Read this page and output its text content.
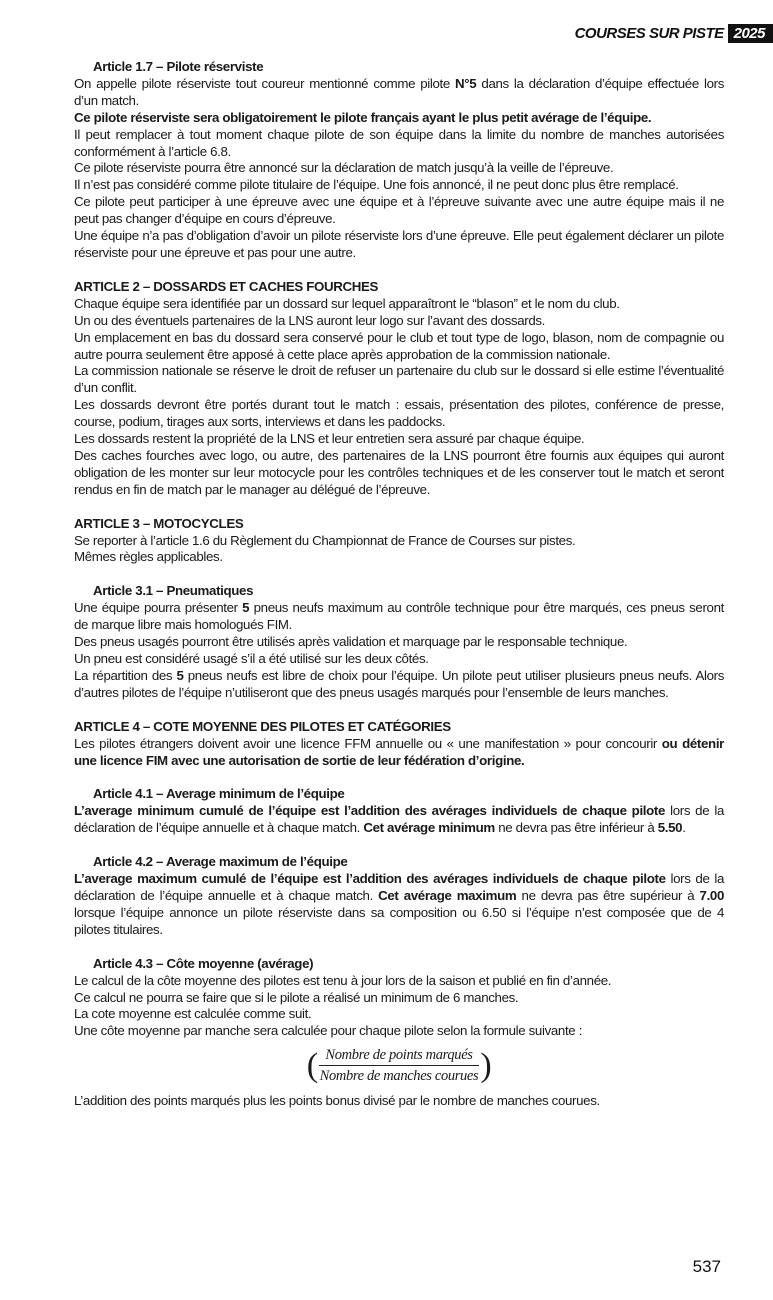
COURSES SUR PISTE 2025

Article 1.7 – Pilote réserviste

On appelle pilote réserviste tout coureur mentionné comme pilote N°5 dans la déclaration d’équipe effectuée lors d’un match.

Ce pilote réserviste sera obligatoirement le pilote français ayant le plus petit avérage de l’équipe.

Il peut remplacer à tout moment chaque pilote de son équipe dans la limite du nombre de manches autorisées conformément à l’article 6.8.

Ce pilote réserviste pourra être annoncé sur la déclaration de match jusqu’à la veille de l’épreuve.

Il n’est pas considéré comme pilote titulaire de l’équipe. Une fois annoncé, il ne peut donc plus être remplacé.

Ce pilote peut participer à une épreuve avec une équipe et à l’épreuve suivante avec une autre équipe mais il ne peut pas changer d’équipe en cours d’épreuve.

Une équipe n’a pas d’obligation d’avoir un pilote réserviste lors d’une épreuve. Elle peut également déclarer un pilote réserviste pour une épreuve et pas pour une autre.

ARTICLE 2 – DOSSARDS ET CACHES FOURCHES

Chaque équipe sera identifiée par un dossard sur lequel apparaîtront le “blason” et le nom du club.

Un ou des éventuels partenaires de la LNS auront leur logo sur l’avant des dossards.

Un emplacement en bas du dossard sera conservé pour le club et tout type de logo, blason, nom de compagnie ou autre pourra seulement être apposé à cette place après approbation de la commission nationale.

La commission nationale se réserve le droit de refuser un partenaire du club sur le dossard si elle estime l’éventualité d’un conflit.

Les dossards devront être portés durant tout le match : essais, présentation des pilotes, conférence de presse, course, podium, tirages aux sorts, interviews et dans les paddocks.

Les dossards restent la propriété de la LNS et leur entretien sera assuré par chaque équipe.

Des caches fourches avec logo, ou autre, des partenaires de la LNS pourront être fournis aux équipes qui auront obligation de les monter sur leur motocycle pour les contrôles techniques et de les conserver tout le match et seront rendus en fin de match par le manager au délégué de l’épreuve.

ARTICLE 3 – MOTOCYCLES

Se reporter à l’article 1.6 du Règlement du Championnat de France de Courses sur pistes.

Mêmes règles applicables.

Article 3.1 – Pneumatiques

Une équipe pourra présenter 5 pneus neufs maximum au contrôle technique pour être marqués, ces pneus seront de marque libre mais homologués FIM.

Des pneus usagés pourront être utilisés après validation et marquage par le responsable technique.

Un pneu est considéré usagé s’il a été utilisé sur les deux côtés.

La répartition des 5 pneus neufs est libre de choix pour l’équipe. Un pilote peut utiliser plusieurs pneus neufs. Alors d’autres pilotes de l’équipe n’utiliseront que des pneus usagés marqués pour l’ensemble de leurs manches.

ARTICLE 4 – COTE MOYENNE DES PILOTES ET CATÉGORIES

Les pilotes étrangers doivent avoir une licence FFM annuelle ou « une manifestation » pour concourir ou détenir une licence FIM avec une autorisation de sortie de leur fédération d’origine.

Article 4.1 – Average minimum de l’équipe

L’average minimum cumulé de l’équipe est l’addition des avérages individuels de chaque pilote lors de la déclaration de l’équipe annuelle et à chaque match. Cet avérage minimum ne devra pas être inférieur à 5.50.

Article 4.2 – Average maximum de l’équipe

L’average maximum cumulé de l’équipe est l’addition des avérages individuels de chaque pilote lors de la déclaration de l’équipe annuelle et à chaque match. Cet avérage maximum ne devra pas être supérieur à 7.00 lorsque l’équipe annonce un pilote réserviste dans sa composition ou 6.50 si l’équipe n’est composée que de 4 pilotes titulaires.

Article 4.3 – Côte moyenne (avérage)

Le calcul de la côte moyenne des pilotes est tenu à jour lors de la saison et publié en fin d’année.

Ce calcul ne pourra se faire que si le pilote a réalisé un minimum de 6 manches.

La cote moyenne est calculée comme suit.

Une côte moyenne par manche sera calculée pour chaque pilote selon la formule suivante :

( $\frac{\text{Nombre de points marqués}}{\text{Nombre de manches courues}}$ )

L’addition des points marqués plus les points bonus divisé par le nombre de manches courues.

537
